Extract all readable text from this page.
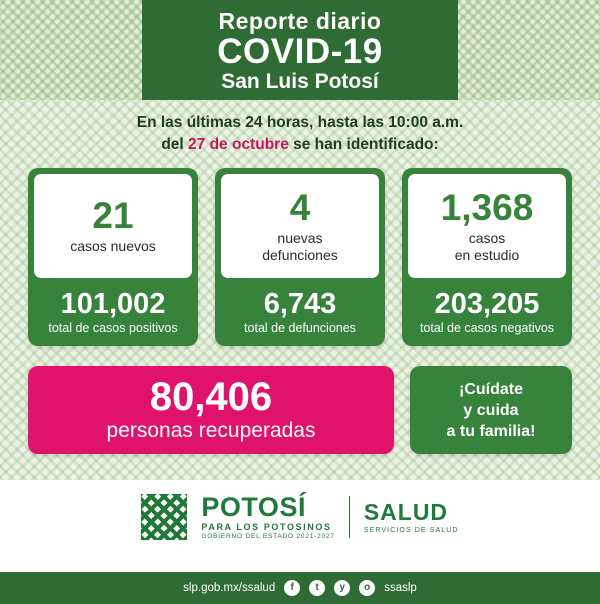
Reporte diario
COVID-19
San Luis Potosí
En las últimas 24 horas, hasta las 10:00 a.m.
del 27 de octubre se han identificado:
21
casos nuevos
101,002
total de casos positivos
4
nuevas
defunciones
6,743
total de defunciones
1,368
casos
en estudio
203,205
total de casos negativos
80,406
personas recuperadas
¡Cuídate
y cuida
a tu familia!
POTOSÍ
PARA LOS POTOSINOS
GOBIERNO DEL ESTADO 2021-2027
SALUD
SERVICIOS DE SALUD
slp.gob.mx/ssalud	f	t	y	o	ssaslp
